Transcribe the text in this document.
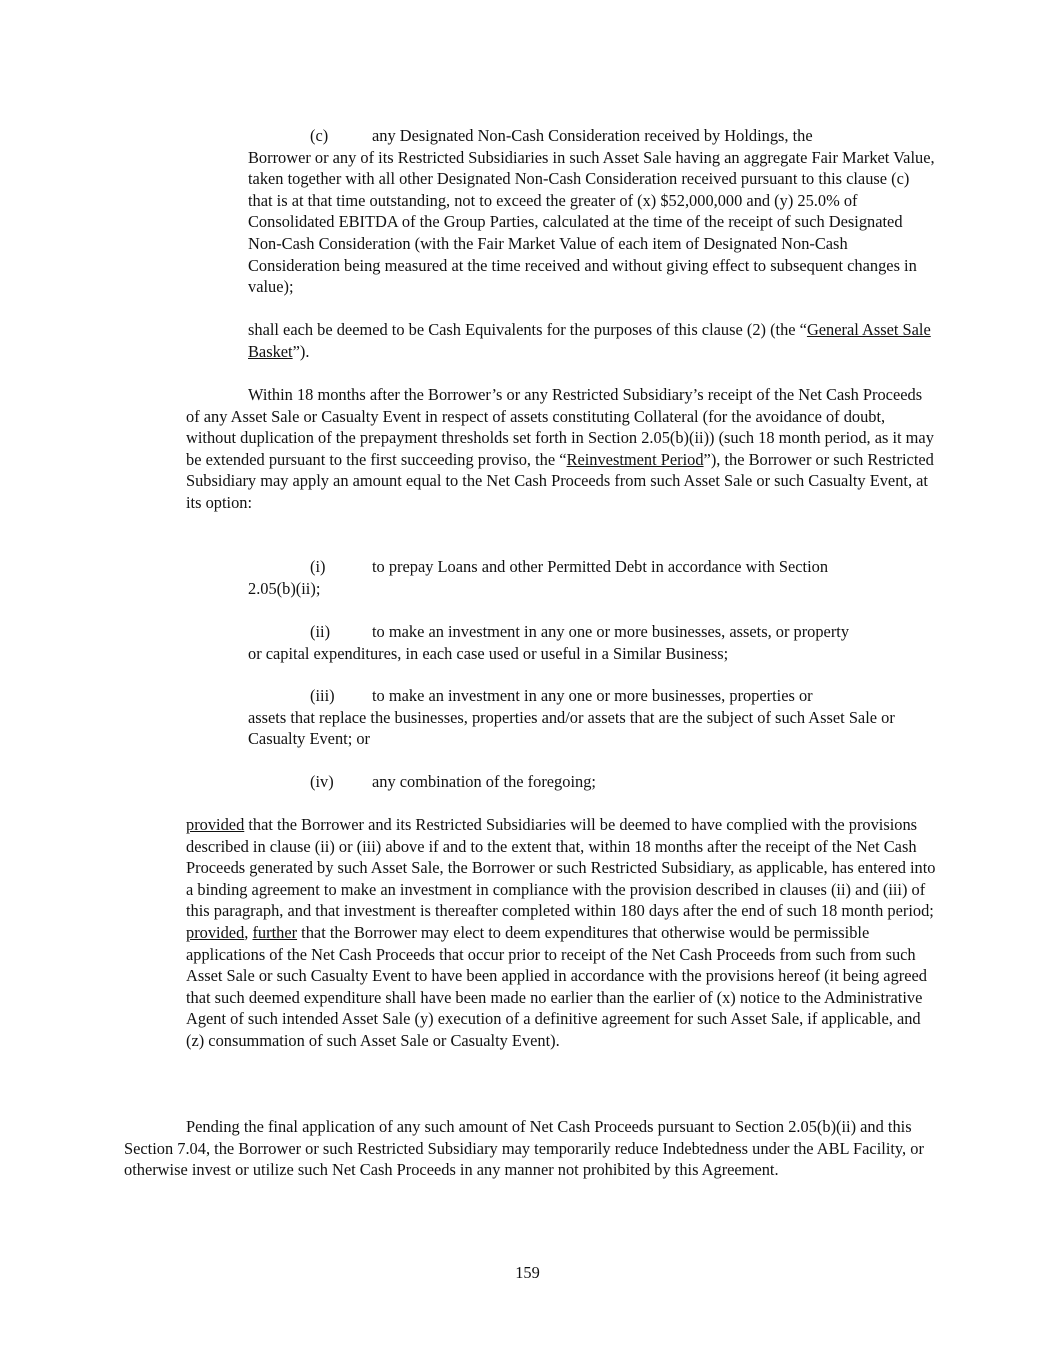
(c)	any Designated Non-Cash Consideration received by Holdings, the
Borrower or any of its Restricted Subsidiaries in such Asset Sale having an aggregate Fair Market Value, taken together with all other Designated Non-Cash Consideration received pursuant to this clause (c) that is at that time outstanding, not to exceed the greater of (x) $52,000,000 and (y) 25.0% of Consolidated EBITDA of the Group Parties, calculated at the time of the receipt of such Designated Non-Cash Consideration (with the Fair Market Value of each item of Designated Non-Cash Consideration being measured at the time received and without giving effect to subsequent changes in value);
shall each be deemed to be Cash Equivalents for the purposes of this clause (2) (the “General Asset Sale Basket”).
Within 18 months after the Borrower’s or any Restricted Subsidiary’s receipt of the Net Cash Proceeds of any Asset Sale or Casualty Event in respect of assets constituting Collateral (for the avoidance of doubt, without duplication of the prepayment thresholds set forth in Section 2.05(b)(ii)) (such 18 month period, as it may be extended pursuant to the first succeeding proviso, the “Reinvestment Period”), the Borrower or such Restricted Subsidiary may apply an amount equal to the Net Cash Proceeds from such Asset Sale or such Casualty Event, at its option:
(i)	to prepay Loans and other Permitted Debt in accordance with Section
2.05(b)(ii);
(ii)	to make an investment in any one or more businesses, assets, or property
or capital expenditures, in each case used or useful in a Similar Business;
(iii) to make an investment in any one or more businesses, properties or
assets that replace the businesses, properties and/or assets that are the subject of such Asset Sale or Casualty Event; or
(iv) any combination of the foregoing;
provided that the Borrower and its Restricted Subsidiaries will be deemed to have complied with the provisions described in clause (ii) or (iii) above if and to the extent that, within 18 months after the receipt of the Net Cash Proceeds generated by such Asset Sale, the Borrower or such Restricted Subsidiary, as applicable, has entered into a binding agreement to make an investment in compliance with the provision described in clauses (ii) and (iii) of this paragraph, and that investment is thereafter completed within 180 days after the end of such 18 month period; provided, further that the Borrower may elect to deem expenditures that otherwise would be permissible applications of the Net Cash Proceeds that occur prior to receipt of the Net Cash Proceeds from such from such Asset Sale or such Casualty Event to have been applied in accordance with the provisions hereof (it being agreed that such deemed expenditure shall have been made no earlier than the earlier of (x) notice to the Administrative Agent of such intended Asset Sale (y) execution of a definitive agreement for such Asset Sale, if applicable, and (z) consummation of such Asset Sale or Casualty Event).
Pending the final application of any such amount of Net Cash Proceeds pursuant to Section 2.05(b)(ii) and this Section 7.04, the Borrower or such Restricted Subsidiary may temporarily reduce Indebtedness under the ABL Facility, or otherwise invest or utilize such Net Cash Proceeds in any manner not prohibited by this Agreement.
159
